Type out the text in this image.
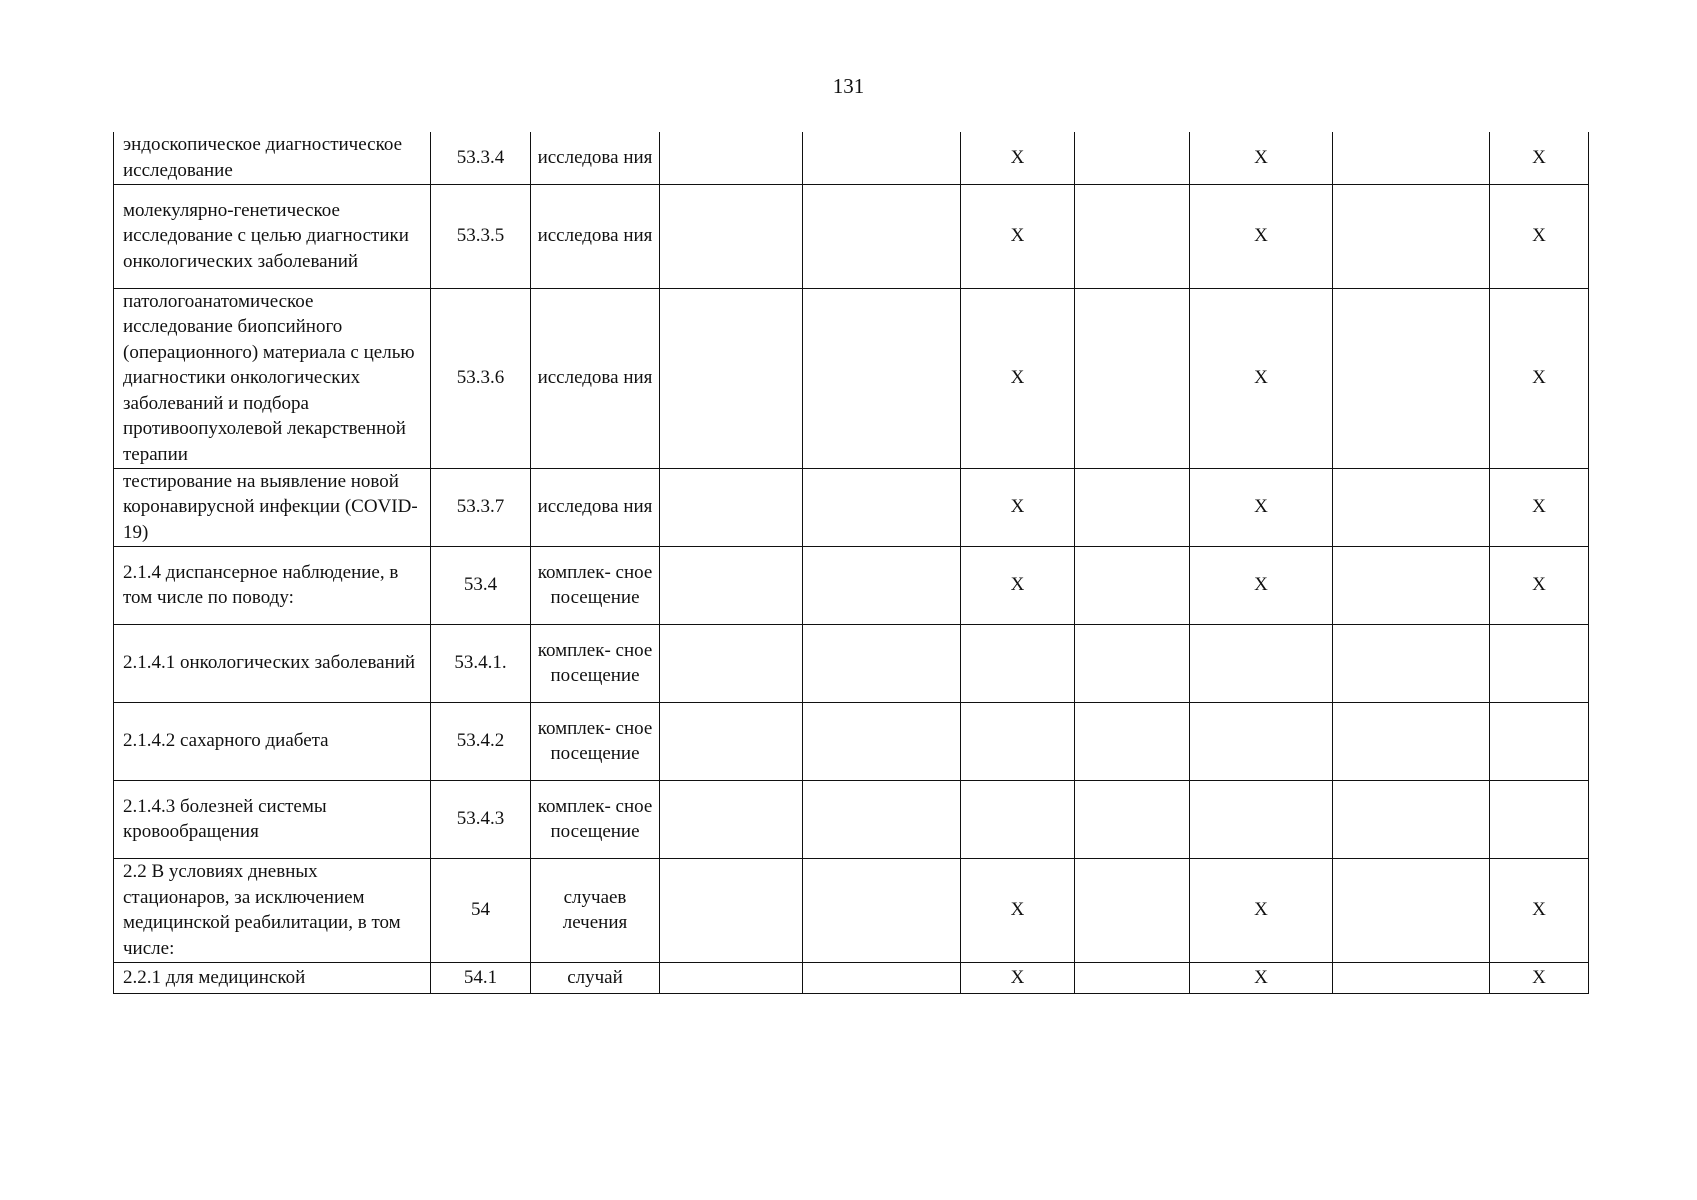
131
эндоскопическое диагностическое исследование	53.3.4	исследова ния			Х		Х		Х
молекулярно-генетическое исследование с целью диагностики онкологических заболеваний	53.3.5	исследова ния			Х		Х		Х
патологоанатомическое исследование биопсийного (операционного) материала с целью диагностики онкологических заболеваний и подбора противоопухолевой лекарственной терапии	53.3.6	исследова ния			Х		Х		Х
тестирование на выявление новой коронавирусной инфекции (COVID-19)	53.3.7	исследова ния			Х		Х		Х
2.1.4 диспансерное наблюдение, в том числе по поводу:	53.4	комплек- сное посещение			Х		Х		Х
2.1.4.1 онкологических заболеваний	53.4.1.	комплек- сное посещение							
2.1.4.2 сахарного диабета	53.4.2	комплек- сное посещение							
2.1.4.3 болезней системы кровообращения	53.4.3	комплек- сное посещение							
2.2 В условиях дневных стационаров, за исключением медицинской реабилитации, в том числе:	54	случаев лечения			Х		Х		Х
2.2.1 для медицинской	54.1	случай			Х		Х		Х
